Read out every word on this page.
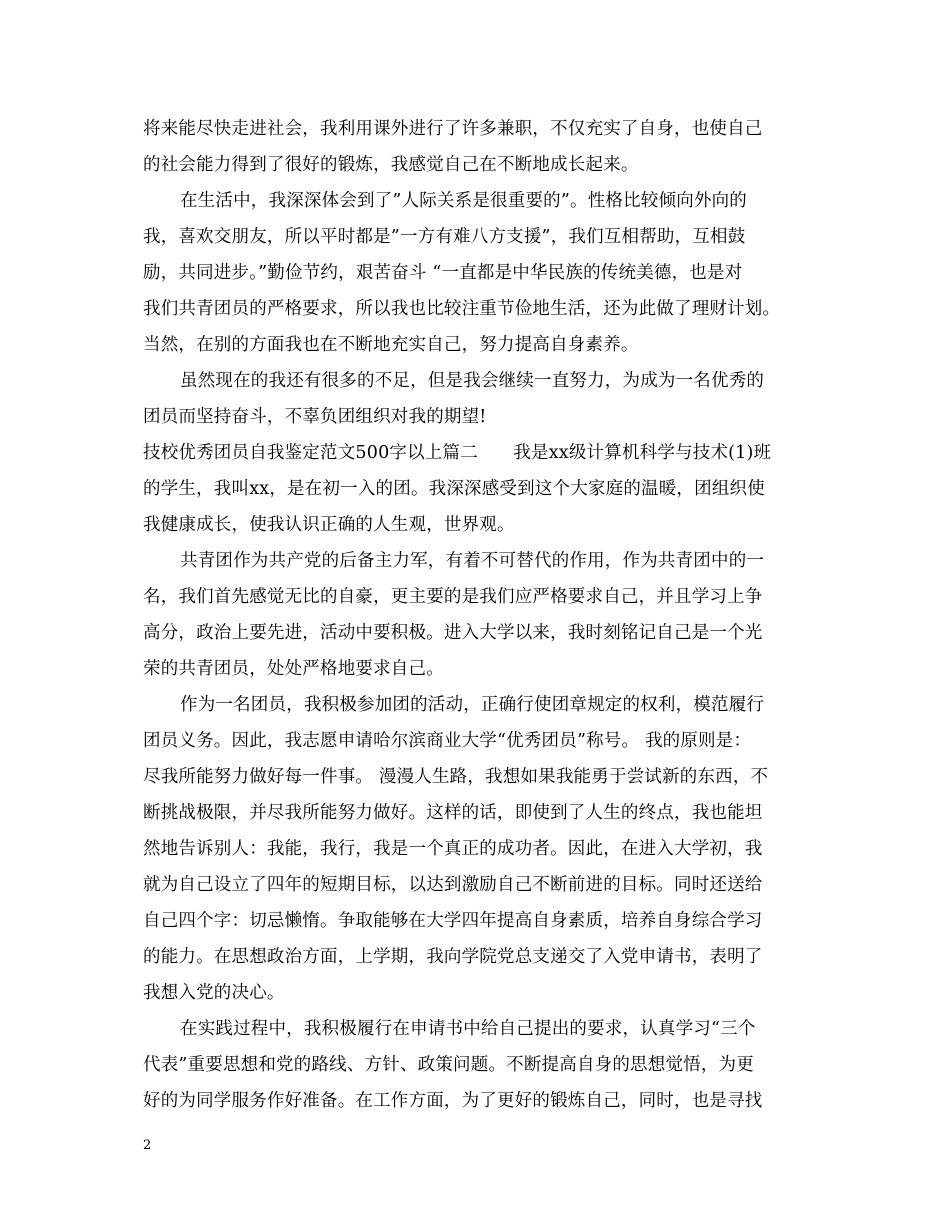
将来能尽快走进社会，我利用课外进行了许多兼职，不仅充实了自身，也使自己
的社会能力得到了很好的锻炼，我感觉自己在不断地成长起来。
在生活中，我深深体会到了”人际关系是很重要的”。性格比较倾向外向的
我，喜欢交朋友，所以平时都是”一方有难八方支援”，我们互相帮助，互相鼓
励，共同进步。”勤俭节约，艰苦奋斗 “一直都是中华民族的传统美德，也是对
我们共青团员的严格要求，所以我也比较注重节俭地生活，还为此做了理财计划。
当然，在别的方面我也在不断地充实自己，努力提高自身素养。
虽然现在的我还有很多的不足，但是我会继续一直努力，为成为一名优秀的
团员而坚持奋斗，不辜负团组织对我的期望!
技校优秀团员自我鉴定范文500字以上篇二　　我是xx级计算机科学与技术(1)班
的学生，我叫xx，是在初一入的团。我深深感受到这个大家庭的温暖，团组织使
我健康成长，使我认识正确的人生观，世界观。
共青团作为共产党的后备主力军，有着不可替代的作用，作为共青团中的一
名，我们首先感觉无比的自豪，更主要的是我们应严格要求自己，并且学习上争
高分，政治上要先进，活动中要积极。进入大学以来，我时刻铭记自己是一个光
荣的共青团员，处处严格地要求自己。
作为一名团员，我积极参加团的活动，正确行使团章规定的权利，模范履行
团员义务。因此，我志愿申请哈尔滨商业大学“优秀团员”称号。 我的原则是：
尽我所能努力做好每一件事。 漫漫人生路，我想如果我能勇于尝试新的东西，不
断挑战极限，并尽我所能努力做好。这样的话，即使到了人生的终点，我也能坦
然地告诉别人：我能，我行，我是一个真正的成功者。因此，在进入大学初，我
就为自己设立了四年的短期目标，以达到激励自己不断前进的目标。同时还送给
自己四个字：切忌懒惰。争取能够在大学四年提高自身素质，培养自身综合学习
的能力。在思想政治方面，上学期，我向学院党总支递交了入党申请书，表明了
我想入党的决心。
在实践过程中，我积极履行在申请书中给自己提出的要求，认真学习“三个
代表”重要思想和党的路线、方针、政策问题。不断提高自身的思想觉悟，为更
好的为同学服务作好准备。在工作方面，为了更好的锻炼自己，同时，也是寻找
2
